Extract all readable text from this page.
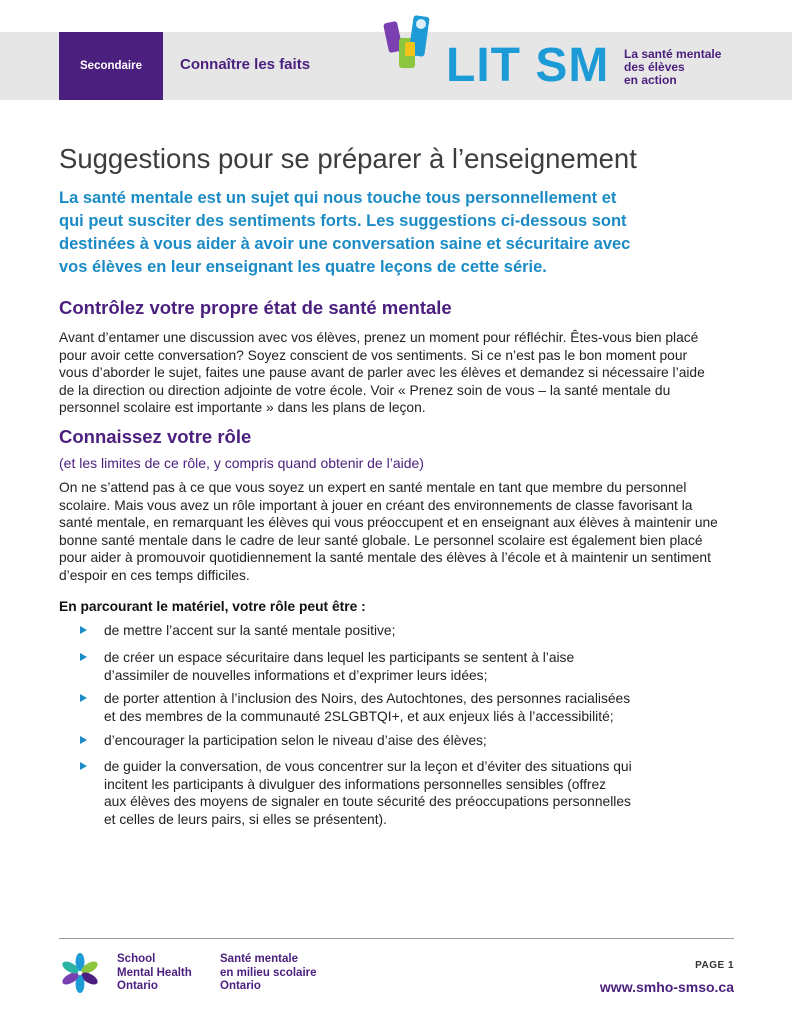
Secondaire	Connaître les faits	LIT SM La santé mentale
des élèves
en action
Suggestions pour se préparer à l’enseignement

La santé mentale est un sujet qui nous touche tous personnellement et
qui peut susciter des sentiments forts. Les suggestions ci-dessous sont
destinées à vous aider à avoir une conversation saine et sécuritaire avec
vos élèves en leur enseignant les quatre leçons de cette série.

Contrôlez votre propre état de santé mentale

Avant d’entamer une discussion avec vos élèves, prenez un moment pour réfléchir. Êtes-vous bien placé
pour avoir cette conversation? Soyez conscient de vos sentiments. Si ce n’est pas le bon moment pour
vous d’aborder le sujet, faites une pause avant de parler avec les élèves et demandez si nécessaire l’aide
de la direction ou direction adjointe de votre école. Voir « Prenez soin de vous – la santé mentale du
personnel scolaire est importante » dans les plans de leçon.

Connaissez votre rôle

(et les limites de ce rôle, y compris quand obtenir de l’aide)

On ne s’attend pas à ce que vous soyez un expert en santé mentale en tant que membre du personnel
scolaire. Mais vous avez un rôle important à jouer en créant des environnements de classe favorisant la
santé mentale, en remarquant les élèves qui vous préoccupent et en enseignant aux élèves à maintenir une
bonne santé mentale dans le cadre de leur santé globale. Le personnel scolaire est également bien placé
pour aider à promouvoir quotidiennement la santé mentale des élèves à l’école et à maintenir un sentiment
d’espoir en ces temps difficiles.

En parcourant le matériel, votre rôle peut être :

de mettre l’accent sur la santé mentale positive;
de créer un espace sécuritaire dans lequel les participants se sentent à l’aise
d’assimiler de nouvelles informations et d’exprimer leurs idées;
de porter attention à l’inclusion des Noirs, des Autochtones, des personnes racialisées
et des membres de la communauté 2SLGBTQI+, et aux enjeux liés à l’accessibilité;
d’encourager la participation selon le niveau d’aise des élèves;
de guider la conversation, de vous concentrer sur la leçon et d’éviter des situations qui
incitent les participants à divulguer des informations personnelles sensibles (offrez
aux élèves des moyens de signaler en toute sécurité des préoccupations personnelles
et celles de leurs pairs, si elles se présentent).
School
Mental Health
Ontario
Santé mentale
en milieu scolaire
Ontario
PAGE 1
www.smho-smso.ca
